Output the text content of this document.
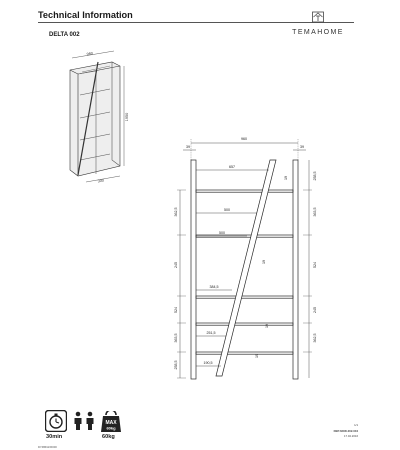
Technical Information
DELTA 002	TEMAHOME
960
1950
300
960
39	39
657
500
500
384,5
251,5
190,5
19
19
19
19
362,5
245
524
363,5
258,5
258,5
363,5
524
245
362,5
30min
MAX
60kg
60kg
D7486GFR000
1/1
DEP-MOD-002-004
17.02.2016
